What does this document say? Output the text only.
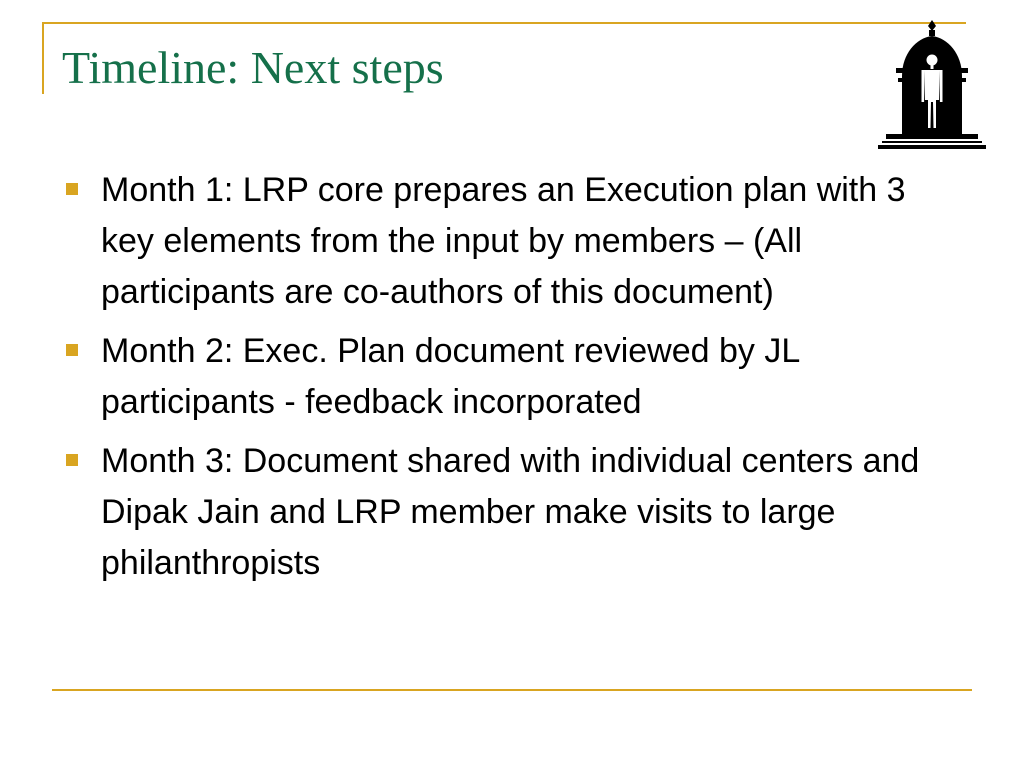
Timeline: Next steps
Month 1: LRP core prepares an Execution plan with 3 key elements from the input by members – (All participants are co-authors of this document)
Month 2: Exec. Plan document reviewed by JL participants - feedback incorporated
Month 3: Document shared with individual centers and Dipak Jain and LRP member make visits to large philanthropists
